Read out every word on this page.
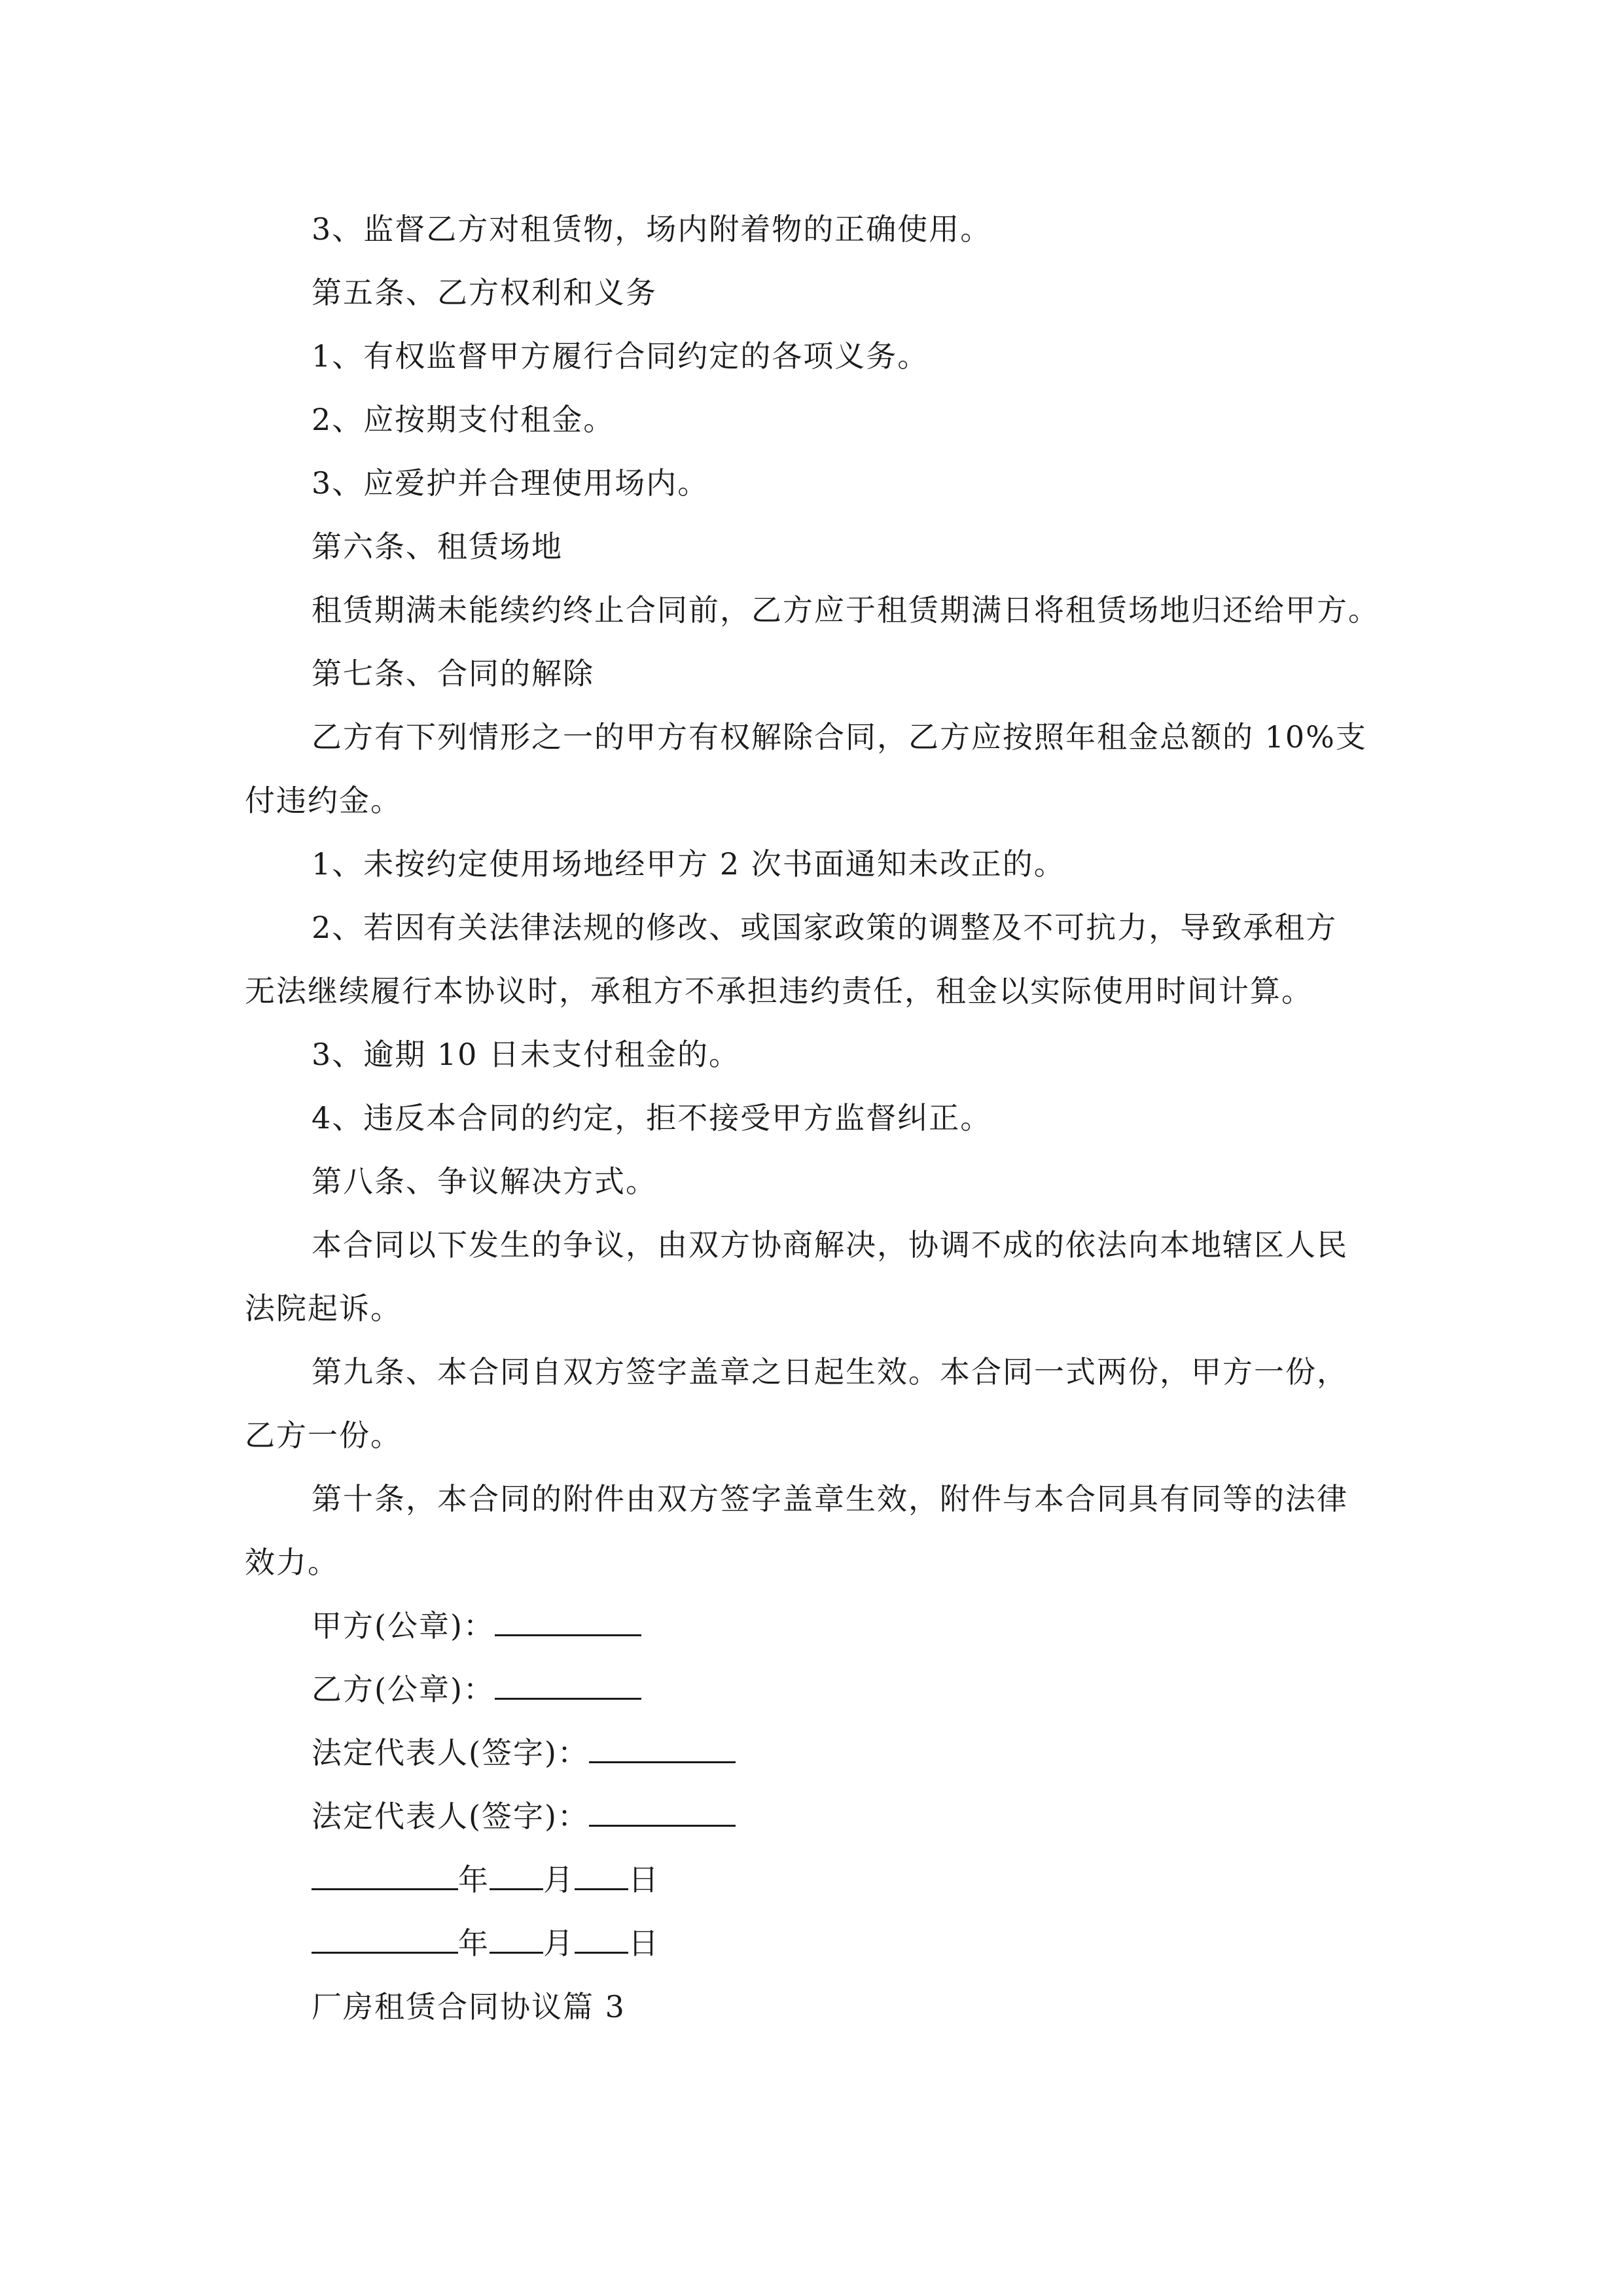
3、监督乙方对租赁物，场内附着物的正确使用。
第五条、乙方权利和义务
1、有权监督甲方履行合同约定的各项义务。
2、应按期支付租金。
3、应爱护并合理使用场内。
第六条、租赁场地
租赁期满未能续约终止合同前，乙方应于租赁期满日将租赁场地归还给甲方。
第七条、合同的解除
乙方有下列情形之一的甲方有权解除合同，乙方应按照年租金总额的 10%支
付违约金。
1、未按约定使用场地经甲方 2 次书面通知未改正的。
2、若因有关法律法规的修改、或国家政策的调整及不可抗力，导致承租方
无法继续履行本协议时，承租方不承担违约责任，租金以实际使用时间计算。
3、逾期 10 日未支付租金的。
4、违反本合同的约定，拒不接受甲方监督纠正。
第八条、争议解决方式。
本合同以下发生的争议，由双方协商解决，协调不成的依法向本地辖区人民
法院起诉。
第九条、本合同自双方签字盖章之日起生效。本合同一式两份，甲方一份，
乙方一份。
第十条，本合同的附件由双方签字盖章生效，附件与本合同具有同等的法律
效力。
甲方(公章)：
乙方(公章)：
法定代表人(签字)：
法定代表人(签字)：
年 月 日
年 月 日
厂房租赁合同协议篇 3
